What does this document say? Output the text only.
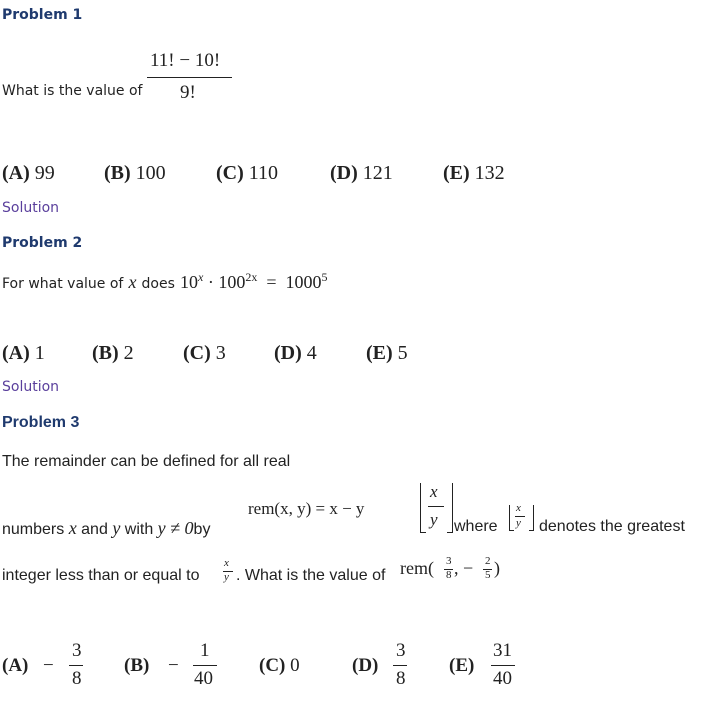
Problem 1
What is the value of
11! − 10!
9!
(A) 99 (B) 100	(C) 110	(D) 121	(E) 132
Solution
Problem 2
For what value of x does $10^x \cdot 100^{2x} = 1000^5$
(A) 1 (B) 2 (C) 3 (D) 4 (E) 5
Solution
Problem 3
The remainder can be defined for all real
numbers x and y with y ≠ 0by
rem(x, y) = x − y
x
y where
x
y denotes the greatest
integer less than or equal to
x
y . What is the value of rem( 3
8 , − 2
5 )
(A) −
3
8
(B) −
1
40
(C) 0	(D)
3
8
(E)
31
40
